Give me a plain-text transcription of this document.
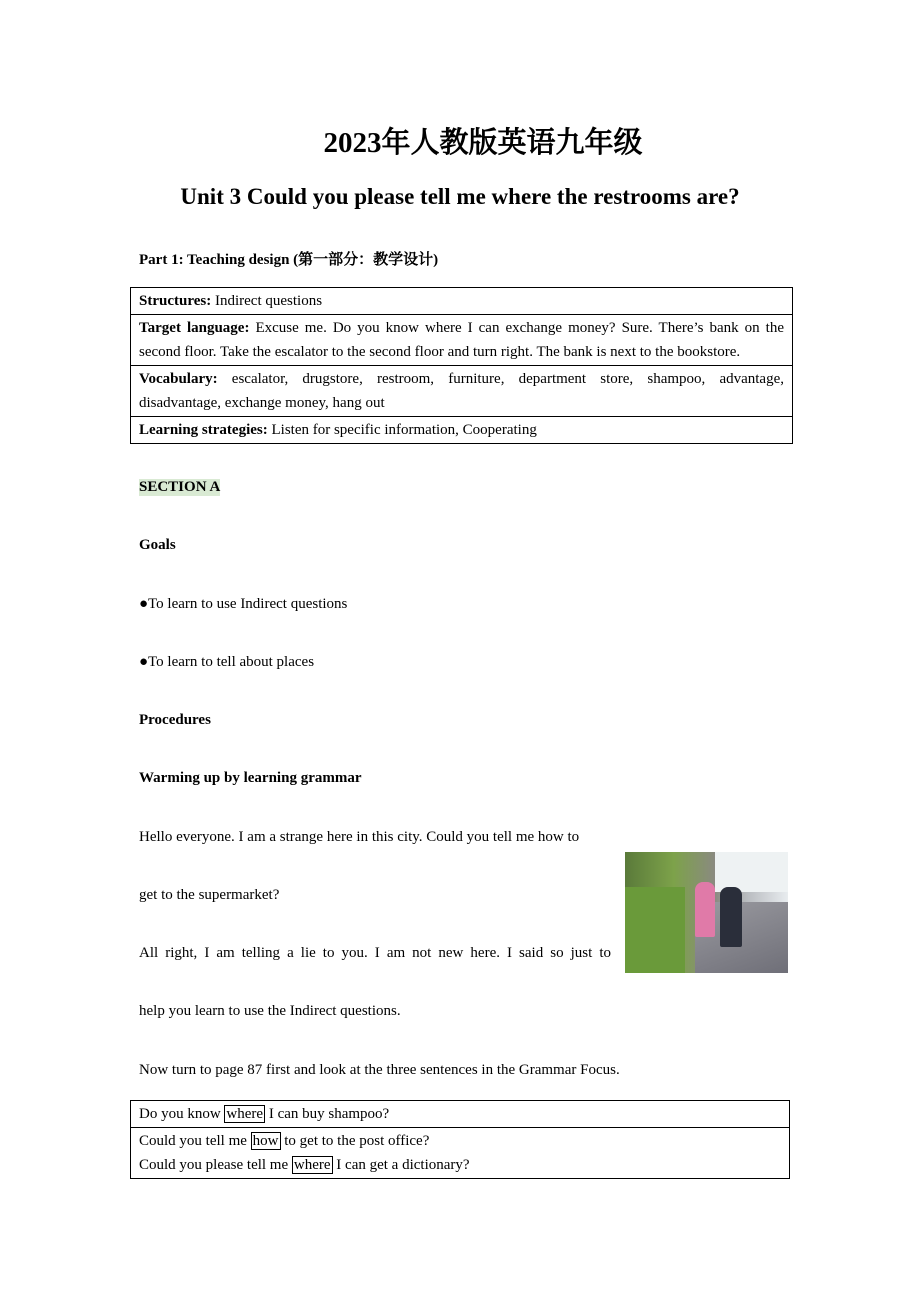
2023年人教版英语九年级
Unit 3 Could you please tell me where the restrooms are?
Part 1: Teaching design (第一部分：教学设计)
Structures: Indirect questions
Target language: Excuse me. Do you know where I can exchange money? Sure. There’s bank on the second floor. Take the escalator to the second floor and turn right. The bank is next to the bookstore.
Vocabulary: escalator, drugstore, restroom, furniture, department store, shampoo, advantage, disadvantage, exchange money, hang out
Learning strategies: Listen for specific information, Cooperating
SECTION A
Goals
●To learn to use Indirect questions
●To learn to tell about places
Procedures
Warming up by learning grammar
Hello everyone. I am a strange here in this city. Could you tell me how to
get to the supermarket?
All right, I am telling a lie to you. I am not new here. I said so just to
help you learn to use the Indirect questions.
Now turn to page 87 first and look at the three sentences in the Grammar Focus.
Do you know where I can buy shampoo?
Could you tell me how to get to the post office?
Could you please tell me where I can get a dictionary?
